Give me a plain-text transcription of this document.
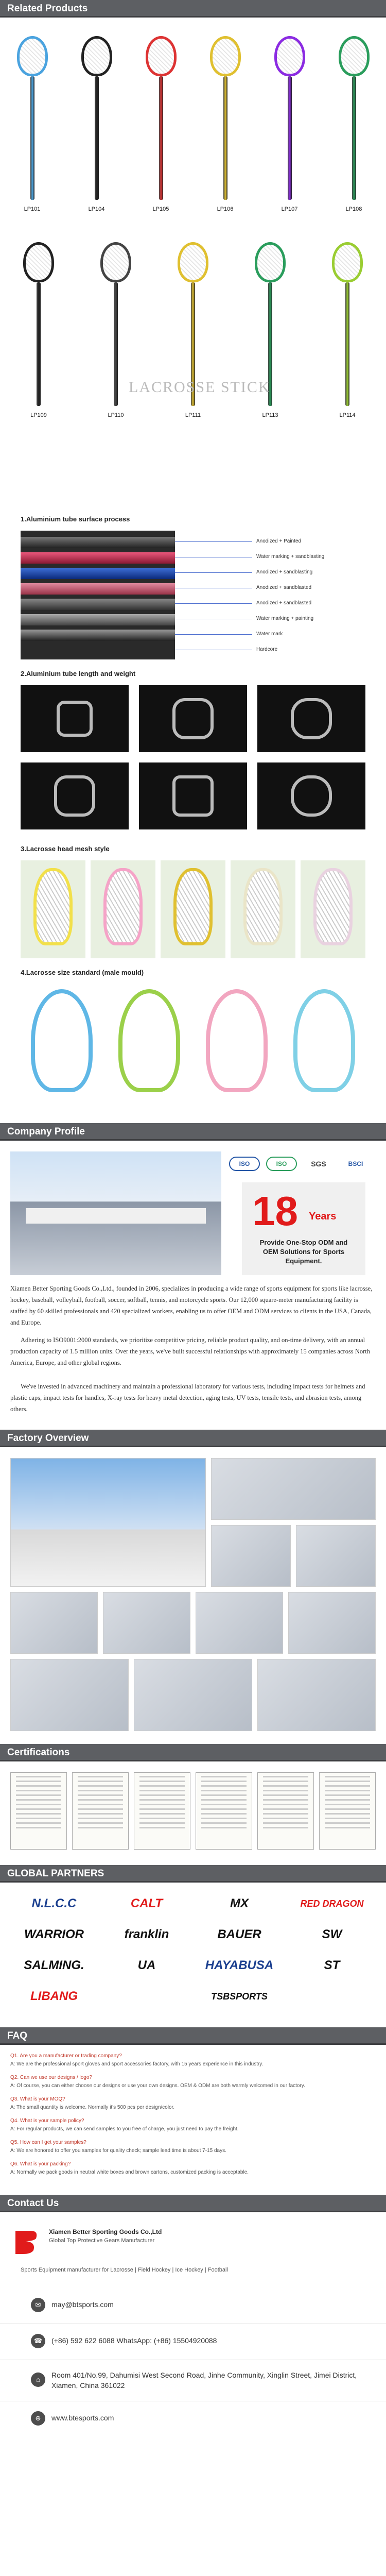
Related Products
LP101	LP104	LP105	LP106	LP107	LP108
LP109	LP110	LP111	LP113	LP114
LACROSSE STICK
1.Aluminium tube surface process
Anodized + Painted
Water marking + sandblasting
Anodized + sandblasting
Anodized + sandblasted
Anodized + sandblasted
Water marking + painting
Water mark
Hardcore
2.Aluminium tube length and weight
3.Lacrosse head mesh style
4.Lacrosse size standard (male mould)
Company Profile
ISO	ISO	SGS	BSCI
18 Years
Provide One-Stop ODM and OEM Solutions for Sports Equipment.
Xiamen Better Sporting Goods Co.,Ltd., founded in 2006, specializes in producing a wide range of sports equipment for sports like lacrosse, hockey, baseball, volleyball, football, soccer, softball, tennis, and motorcycle sports. Our 12,000 square-meter manufacturing facility is staffed by 60 skilled professionals and 420 specialized workers, enabling us to offer OEM and ODM services to clients in the USA, Canada, and Europe.
Adhering to ISO9001:2000 standards, we prioritize competitive pricing, reliable product quality, and on-time delivery, with an annual production capacity of 1.5 million units. Over the years, we've built successful relationships with approximately 15 companies across North America, Europe, and other global regions.
We've invested in advanced machinery and maintain a professional laboratory for various tests, including impact tests for helmets and plastic caps, impact tests for handles, X-ray tests for heavy metal detection, aging tests, UV tests, tensile tests, and abrasion tests, among others.
Factory Overview
Certifications
GLOBAL PARTNERS
N.L.C.C	CALT	MX	RED DRAGON
WARRIOR	franklin	BAUER	SW
SALMING.	UA	HAYABUSA	ST
LIBANG	TSBSPORTS
FAQ
Q1. Are you a manufacturer or trading company?
A: We are the professional sport gloves and sport accessories factory, with 15 years experience in this industry.
Q2. Can we use our designs / logo?
A: Of course, you can either choose our designs or use your own designs. OEM & ODM are both warmly welcomed in our factory.
Q3. What is your MOQ?
A: The small quantity is welcome. Normally it's 500 pcs per design/color.
Q4. What is your sample policy?
A: For regular products, we can send samples to you free of charge, you just need to pay the freight.
Q5. How can I get your samples?
A: We are honored to offer you samples for quality check; sample lead time is about 7-15 days.
Q6. What is your packing?
A: Normally we pack goods in neutral white boxes and brown cartons, customized packing is acceptable.
Contact Us
Xiamen Better Sporting Goods Co.,Ltd
Global Top Protective Gears Manufacturer
Sports Equipment manufacturer for Lacrosse | Field Hockey | Ice Hockey | Football
✉	may@btsports.com
☎	(+86) 592 622 6088 WhatsApp: (+86) 15504920088
⌂
Room 401/No.99, Dahumisi West Second Road, Jinhe Community, Xinglin Street, Jimei District, Xiamen, China 361022
⊕	www.btesports.com
